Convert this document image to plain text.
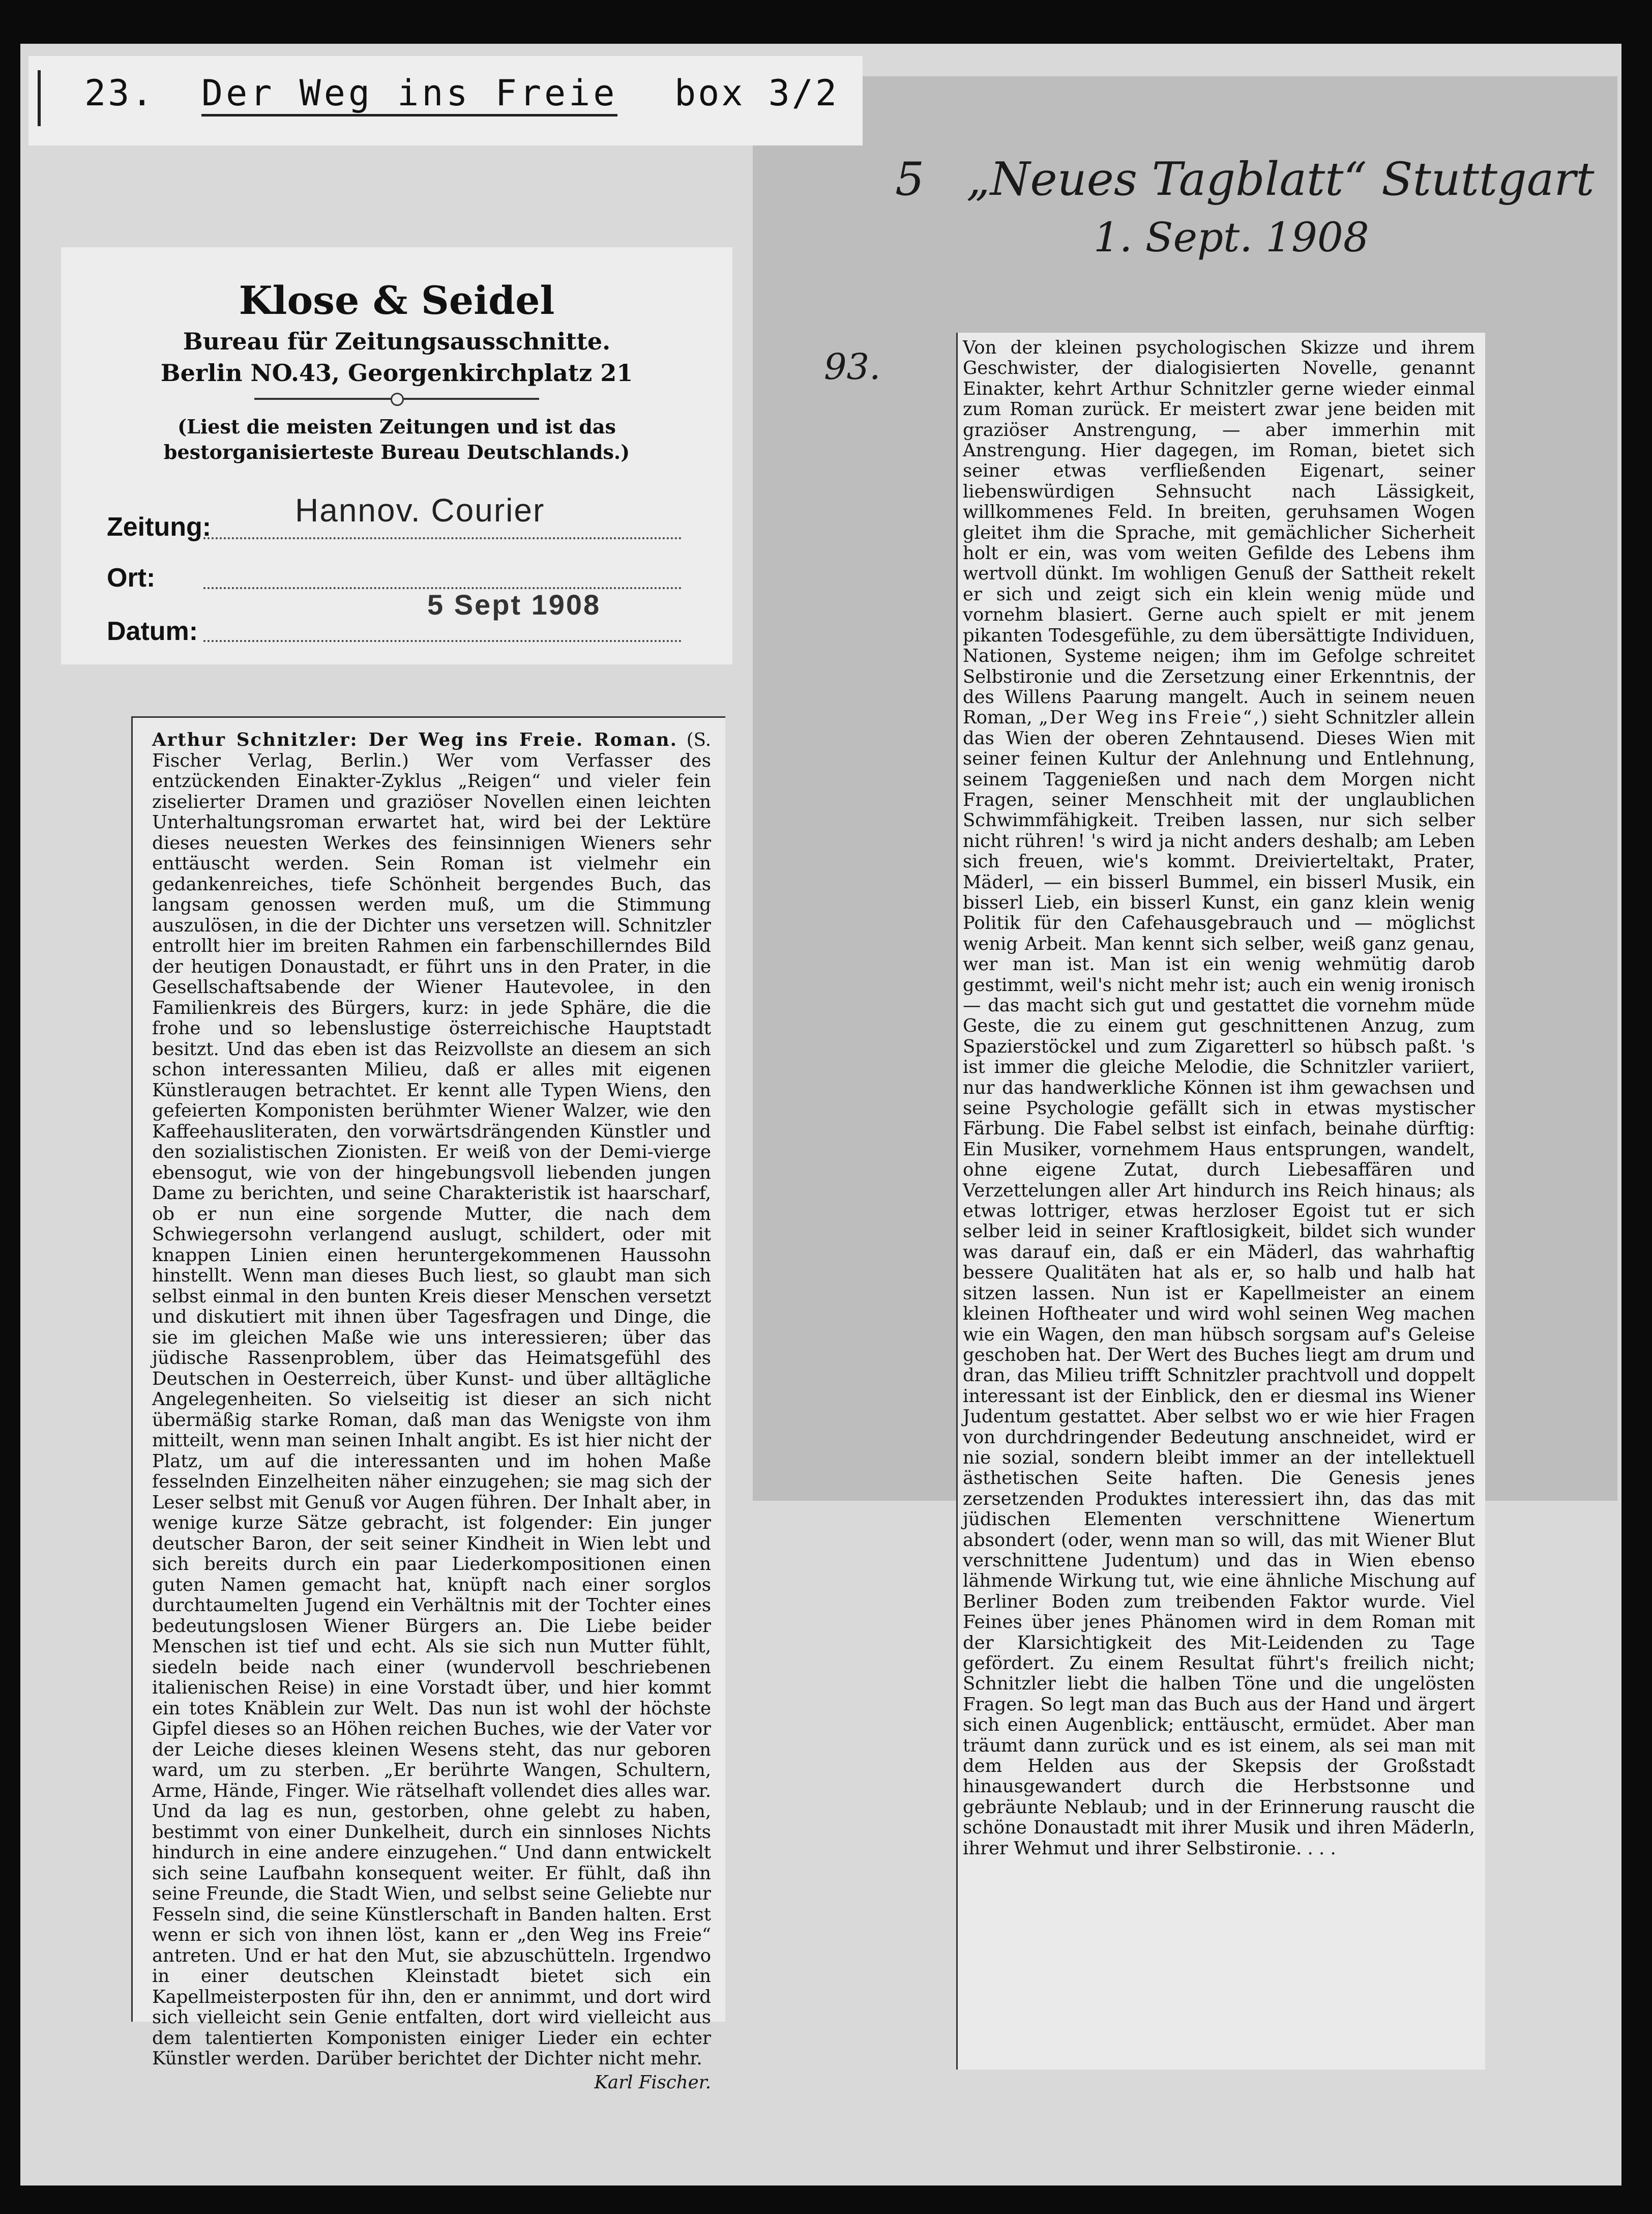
23. Der Weg ins Freie box 3/2
Klose & Seidel
Bureau für Zeitungsausschnitte.
Berlin NO.43, Georgenkirchplatz 21
(Liest die meisten Zeitungen und ist das
bestorganisierteste Bureau Deutschlands.)
Zeitung:	Hannov. Courier
Ort:
Datum:
5 Sept 1908
5 „Neues Tagblatt“ Stuttgart
1. Sept. 1908
93.

Arthur Schnitzler: Der Weg ins Freie. Roman. (S. Fischer Verlag, Berlin.) Wer vom Verfasser des entzückenden Einakter-Zyklus „Reigen“ und vieler fein ziselierter Dramen und graziöser Novellen einen leichten Unterhaltungsroman erwartet hat, wird bei der Lektüre dieses neuesten Werkes des feinsinnigen Wieners sehr enttäuscht werden. Sein Roman ist vielmehr ein gedankenreiches, tiefe Schönheit bergendes Buch, das langsam genossen werden muß, um die Stimmung auszulösen, in die der Dichter uns versetzen will. Schnitzler entrollt hier im breiten Rahmen ein farbenschillerndes Bild der heutigen Donaustadt, er führt uns in den Prater, in die Gesellschaftsabende der Wiener Hautevolee, in den Familienkreis des Bürgers, kurz: in jede Sphäre, die die frohe und so lebenslustige österreichische Hauptstadt besitzt. Und das eben ist das Reizvollste an diesem an sich schon interessanten Milieu, daß er alles mit eigenen Künstleraugen betrachtet. Er kennt alle Typen Wiens, den gefeierten Komponisten berühmter Wiener Walzer, wie den Kaffeehausliteraten, den vorwärtsdrängenden Künstler und den sozialistischen Zionisten. Er weiß von der Demi-vierge ebensogut, wie von der hingebungsvoll liebenden jungen Dame zu berichten, und seine Charakteristik ist haarscharf, ob er nun eine sorgende Mutter, die nach dem Schwiegersohn verlangend auslugt, schildert, oder mit knappen Linien einen heruntergekommenen Haussohn hinstellt. Wenn man dieses Buch liest, so glaubt man sich selbst einmal in den bunten Kreis dieser Menschen versetzt und diskutiert mit ihnen über Tagesfragen und Dinge, die sie im gleichen Maße wie uns interessieren; über das jüdische Rassenproblem, über das Heimatsgefühl des Deutschen in Oesterreich, über Kunst- und über alltägliche Angelegenheiten. So vielseitig ist dieser an sich nicht übermäßig starke Roman, daß man das Wenigste von ihm mitteilt, wenn man seinen Inhalt angibt. Es ist hier nicht der Platz, um auf die interessanten und im hohen Maße fesselnden Einzelheiten näher einzugehen; sie mag sich der Leser selbst mit Genuß vor Augen führen. Der Inhalt aber, in wenige kurze Sätze gebracht, ist folgender: Ein junger deutscher Baron, der seit seiner Kindheit in Wien lebt und sich bereits durch ein paar Liederkompositionen einen guten Namen gemacht hat, knüpft nach einer sorglos durchtaumelten Jugend ein Verhältnis mit der Tochter eines bedeutungslosen Wiener Bürgers an. Die Liebe beider Menschen ist tief und echt. Als sie sich nun Mutter fühlt, siedeln beide nach einer (wundervoll beschriebenen italienischen Reise) in eine Vorstadt über, und hier kommt ein totes Knäblein zur Welt. Das nun ist wohl der höchste Gipfel dieses so an Höhen reichen Buches, wie der Vater vor der Leiche dieses kleinen Wesens steht, das nur geboren ward, um zu sterben. „Er berührte Wangen, Schultern, Arme, Hände, Finger. Wie rätselhaft vollendet dies alles war. Und da lag es nun, gestorben, ohne gelebt zu haben, bestimmt von einer Dunkelheit, durch ein sinnloses Nichts hindurch in eine andere einzugehen.“ Und dann entwickelt sich seine Laufbahn konsequent weiter. Er fühlt, daß ihn seine Freunde, die Stadt Wien, und selbst seine Geliebte nur Fesseln sind, die seine Künstlerschaft in Banden halten. Erst wenn er sich von ihnen löst, kann er „den Weg ins Freie“ antreten. Und er hat den Mut, sie abzuschütteln. Irgendwo in einer deutschen Kleinstadt bietet sich ein Kapellmeisterposten für ihn, den er annimmt, und dort wird sich vielleicht sein Genie entfalten, dort wird vielleicht aus dem talentierten Komponisten einiger Lieder ein echter Künstler werden. Darüber berichtet der Dichter nicht mehr.

Karl Fischer.

Von der kleinen psychologischen Skizze und ihrem Geschwister, der dialogisierten Novelle, genannt Einakter, kehrt Arthur Schnitzler gerne wieder einmal zum Roman zurück. Er meistert zwar jene beiden mit graziöser Anstrengung, — aber immerhin mit Anstrengung. Hier dagegen, im Roman, bietet sich seiner etwas verfließenden Eigenart, seiner liebenswürdigen Sehnsucht nach Lässigkeit, willkommenes Feld. In breiten, geruhsamen Wogen gleitet ihm die Sprache, mit gemächlicher Sicherheit holt er ein, was vom weiten Gefilde des Lebens ihm wertvoll dünkt. Im wohligen Genuß der Sattheit rekelt er sich und zeigt sich ein klein wenig müde und vornehm blasiert. Gerne auch spielt er mit jenem pikanten Todesgefühle, zu dem übersättigte Individuen, Nationen, Systeme neigen; ihm im Gefolge schreitet Selbstironie und die Zersetzung einer Erkenntnis, der des Willens Paarung mangelt. Auch in seinem neuen Roman, „Der Weg ins Freie“,) sieht Schnitzler allein das Wien der oberen Zehntausend. Dieses Wien mit seiner feinen Kultur der Anlehnung und Entlehnung, seinem Taggenießen und nach dem Morgen nicht Fragen, seiner Menschheit mit der unglaublichen Schwimmfähigkeit. Treiben lassen, nur sich selber nicht rühren! 's wird ja nicht anders deshalb; am Leben sich freuen, wie's kommt. Dreivierteltakt, Prater, Mäderl, — ein bisserl Bummel, ein bisserl Musik, ein bisserl Lieb, ein bisserl Kunst, ein ganz klein wenig Politik für den Cafehausgebrauch und — möglichst wenig Arbeit. Man kennt sich selber, weiß ganz genau, wer man ist. Man ist ein wenig wehmütig darob gestimmt, weil's nicht mehr ist; auch ein wenig ironisch — das macht sich gut und gestattet die vornehm müde Geste, die zu einem gut geschnittenen Anzug, zum Spazierstöckel und zum Zigaretterl so hübsch paßt. 's ist immer die gleiche Melodie, die Schnitzler variiert, nur das handwerkliche Können ist ihm gewachsen und seine Psychologie gefällt sich in etwas mystischer Färbung. Die Fabel selbst ist einfach, beinahe dürftig: Ein Musiker, vornehmem Haus entsprungen, wandelt, ohne eigene Zutat, durch Liebesaffären und Verzettelungen aller Art hindurch ins Reich hinaus; als etwas lottriger, etwas herzloser Egoist tut er sich selber leid in seiner Kraftlosigkeit, bildet sich wunder was darauf ein, daß er ein Mäderl, das wahrhaftig bessere Qualitäten hat als er, so halb und halb hat sitzen lassen. Nun ist er Kapellmeister an einem kleinen Hoftheater und wird wohl seinen Weg machen wie ein Wagen, den man hübsch sorgsam auf's Geleise geschoben hat. Der Wert des Buches liegt am drum und dran, das Milieu trifft Schnitzler prachtvoll und doppelt interessant ist der Einblick, den er diesmal ins Wiener Judentum gestattet. Aber selbst wo er wie hier Fragen von durchdringender Bedeutung anschneidet, wird er nie sozial, sondern bleibt immer an der intellektuell ästhetischen Seite haften. Die Genesis jenes zersetzenden Produktes interessiert ihn, das das mit jüdischen Elementen verschnittene Wienertum absondert (oder, wenn man so will, das mit Wiener Blut verschnittene Judentum) und das in Wien ebenso lähmende Wirkung tut, wie eine ähnliche Mischung auf Berliner Boden zum treibenden Faktor wurde. Viel Feines über jenes Phänomen wird in dem Roman mit der Klarsichtigkeit des Mit-Leidenden zu Tage gefördert. Zu einem Resultat führt's freilich nicht; Schnitzler liebt die halben Töne und die ungelösten Fragen. So legt man das Buch aus der Hand und ärgert sich einen Augenblick; enttäuscht, ermüdet. Aber man träumt dann zurück und es ist einem, als sei man mit dem Helden aus der Skepsis der Großstadt hinausgewandert durch die Herbstsonne und gebräunte Neblaub; und in der Erinnerung rauscht die schöne Donaustadt mit ihrer Musik und ihren Mäderln, ihrer Wehmut und ihrer Selbstironie. . . .
